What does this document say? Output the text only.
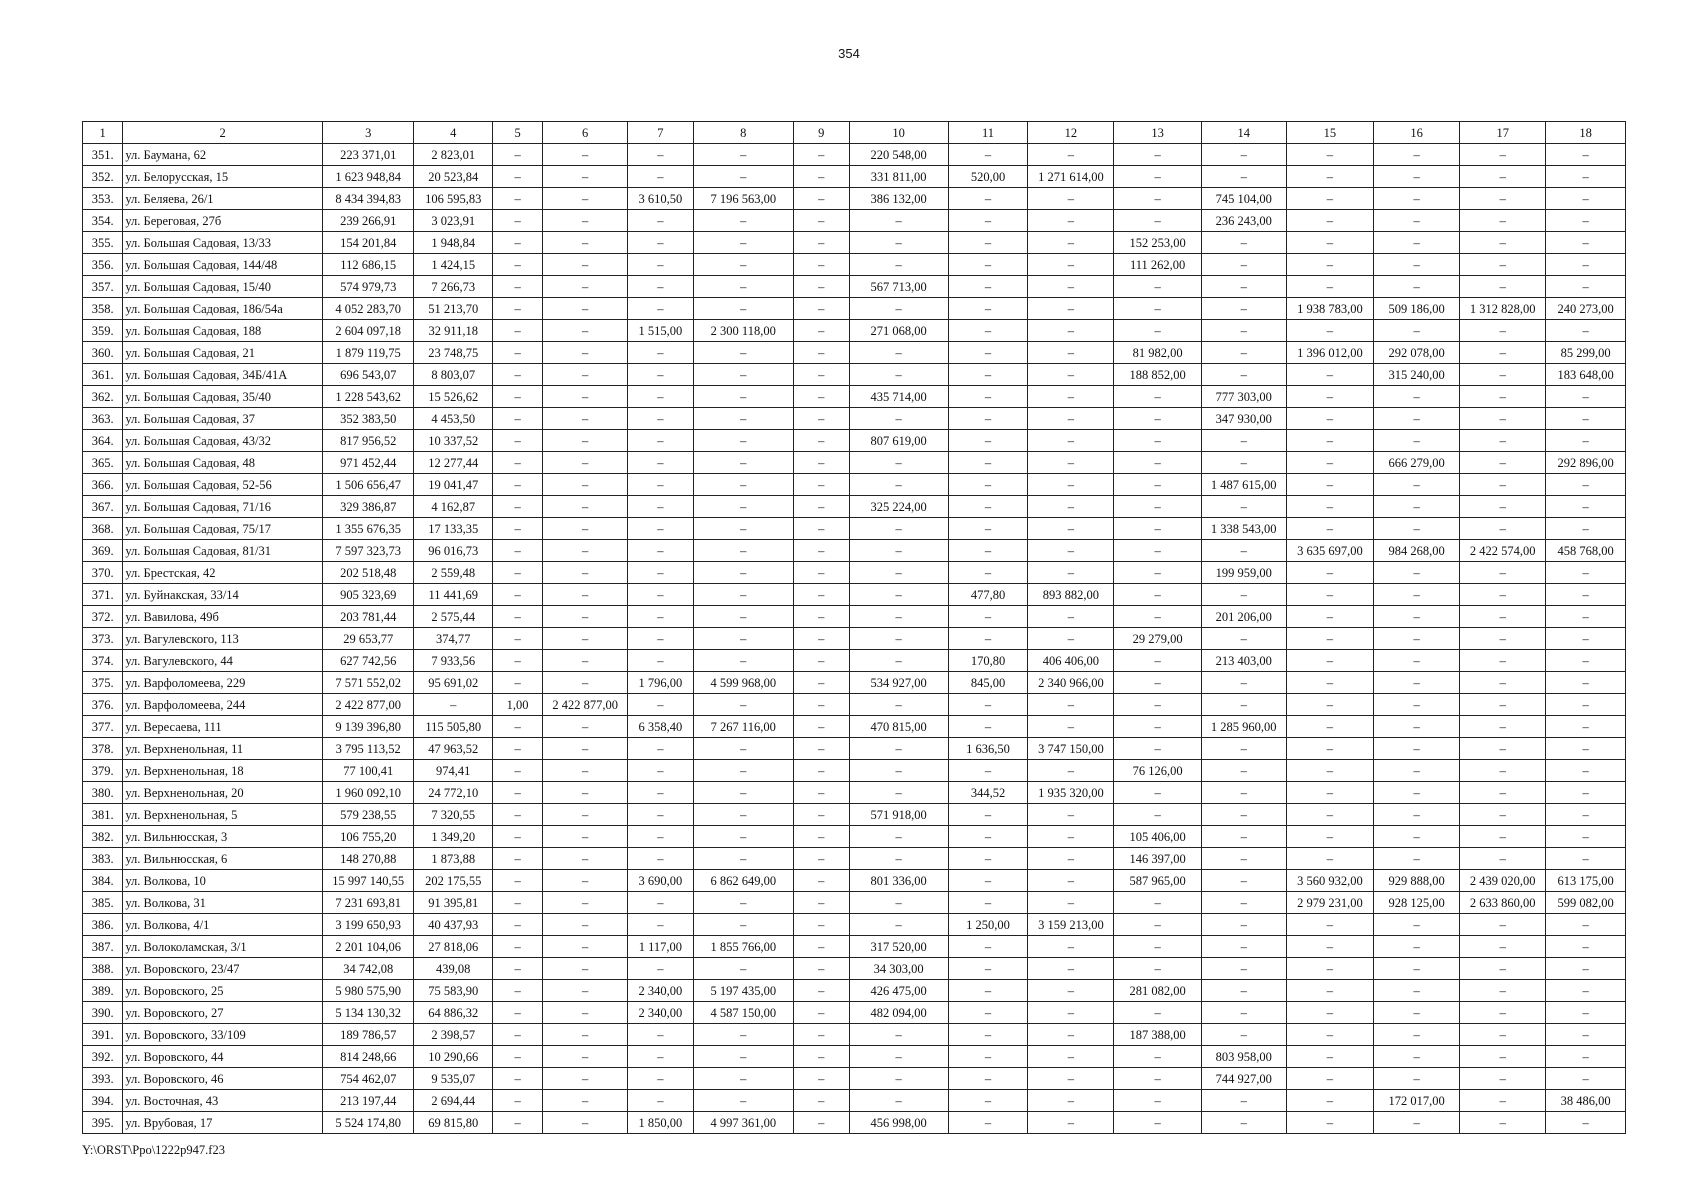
354
1	2	3	4	5	6	7	8	9	10	11	12	13	14	15	16	17	18
351.	ул. Баумана, 62	223 371,01	2 823,01	–	–	–	–	–	220 548,00	–	–	–	–	–	–	–	–
352.	ул. Белорусская, 15	1 623 948,84	20 523,84	–	–	–	–	–	331 811,00	520,00	1 271 614,00	–	–	–	–	–	–
353.	ул. Беляева, 26/1	8 434 394,83	106 595,83	–	–	3 610,50	7 196 563,00	–	386 132,00	–	–	–	745 104,00	–	–	–	–
354.	ул. Береговая, 27б	239 266,91	3 023,91	–	–	–	–	–	–	–	–	–	236 243,00	–	–	–	–
355.	ул. Большая Садовая, 13/33	154 201,84	1 948,84	–	–	–	–	–	–	–	–	152 253,00	–	–	–	–	–
356.	ул. Большая Садовая, 144/48	112 686,15	1 424,15	–	–	–	–	–	–	–	–	111 262,00	–	–	–	–	–
357.	ул. Большая Садовая, 15/40	574 979,73	7 266,73	–	–	–	–	–	567 713,00	–	–	–	–	–	–	–	–
358.	ул. Большая Садовая, 186/54а	4 052 283,70	51 213,70	–	–	–	–	–	–	–	–	–	–	1 938 783,00	509 186,00	1 312 828,00	240 273,00
359.	ул. Большая Садовая, 188	2 604 097,18	32 911,18	–	–	1 515,00	2 300 118,00	–	271 068,00	–	–	–	–	–	–	–	–
360.	ул. Большая Садовая, 21	1 879 119,75	23 748,75	–	–	–	–	–	–	–	–	81 982,00	–	1 396 012,00	292 078,00	–	85 299,00
361.	ул. Большая Садовая, 34Б/41А	696 543,07	8 803,07	–	–	–	–	–	–	–	–	188 852,00	–	–	315 240,00	–	183 648,00
362.	ул. Большая Садовая, 35/40	1 228 543,62	15 526,62	–	–	–	–	–	435 714,00	–	–	–	777 303,00	–	–	–	–
363.	ул. Большая Садовая, 37	352 383,50	4 453,50	–	–	–	–	–	–	–	–	–	347 930,00	–	–	–	–
364.	ул. Большая Садовая, 43/32	817 956,52	10 337,52	–	–	–	–	–	807 619,00	–	–	–	–	–	–	–	–
365.	ул. Большая Садовая, 48	971 452,44	12 277,44	–	–	–	–	–	–	–	–	–	–	–	666 279,00	–	292 896,00
366.	ул. Большая Садовая, 52-56	1 506 656,47	19 041,47	–	–	–	–	–	–	–	–	–	1 487 615,00	–	–	–	–
367.	ул. Большая Садовая, 71/16	329 386,87	4 162,87	–	–	–	–	–	325 224,00	–	–	–	–	–	–	–	–
368.	ул. Большая Садовая, 75/17	1 355 676,35	17 133,35	–	–	–	–	–	–	–	–	–	1 338 543,00	–	–	–	–
369.	ул. Большая Садовая, 81/31	7 597 323,73	96 016,73	–	–	–	–	–	–	–	–	–	–	3 635 697,00	984 268,00	2 422 574,00	458 768,00
370.	ул. Брестская, 42	202 518,48	2 559,48	–	–	–	–	–	–	–	–	–	199 959,00	–	–	–	–
371.	ул. Буйнакская, 33/14	905 323,69	11 441,69	–	–	–	–	–	–	477,80	893 882,00	–	–	–	–	–	–
372.	ул. Вавилова, 49б	203 781,44	2 575,44	–	–	–	–	–	–	–	–	–	201 206,00	–	–	–	–
373.	ул. Вагулевского, 113	29 653,77	374,77	–	–	–	–	–	–	–	–	29 279,00	–	–	–	–	–
374.	ул. Вагулевского, 44	627 742,56	7 933,56	–	–	–	–	–	–	170,80	406 406,00	–	213 403,00	–	–	–	–
375.	ул. Варфоломеева, 229	7 571 552,02	95 691,02	–	–	1 796,00	4 599 968,00	–	534 927,00	845,00	2 340 966,00	–	–	–	–	–	–
376.	ул. Варфоломеева, 244	2 422 877,00	–	1,00	2 422 877,00	–	–	–	–	–	–	–	–	–	–	–	–
377.	ул. Вересаева, 111	9 139 396,80	115 505,80	–	–	6 358,40	7 267 116,00	–	470 815,00	–	–	–	1 285 960,00	–	–	–	–
378.	ул. Верхненольная, 11	3 795 113,52	47 963,52	–	–	–	–	–	–	1 636,50	3 747 150,00	–	–	–	–	–	–
379.	ул. Верхненольная, 18	77 100,41	974,41	–	–	–	–	–	–	–	–	76 126,00	–	–	–	–	–
380.	ул. Верхненольная, 20	1 960 092,10	24 772,10	–	–	–	–	–	–	344,52	1 935 320,00	–	–	–	–	–	–
381.	ул. Верхненольная, 5	579 238,55	7 320,55	–	–	–	–	–	571 918,00	–	–	–	–	–	–	–	–
382.	ул. Вильнюсская, 3	106 755,20	1 349,20	–	–	–	–	–	–	–	–	105 406,00	–	–	–	–	–
383.	ул. Вильнюсская, 6	148 270,88	1 873,88	–	–	–	–	–	–	–	–	146 397,00	–	–	–	–	–
384.	ул. Волкова, 10	15 997 140,55	202 175,55	–	–	3 690,00	6 862 649,00	–	801 336,00	–	–	587 965,00	–	3 560 932,00	929 888,00	2 439 020,00	613 175,00
385.	ул. Волкова, 31	7 231 693,81	91 395,81	–	–	–	–	–	–	–	–	–	–	2 979 231,00	928 125,00	2 633 860,00	599 082,00
386.	ул. Волкова, 4/1	3 199 650,93	40 437,93	–	–	–	–	–	–	1 250,00	3 159 213,00	–	–	–	–	–	–
387.	ул. Волоколамская, 3/1	2 201 104,06	27 818,06	–	–	1 117,00	1 855 766,00	–	317 520,00	–	–	–	–	–	–	–	–
388.	ул. Воровского, 23/47	34 742,08	439,08	–	–	–	–	–	34 303,00	–	–	–	–	–	–	–	–
389.	ул. Воровского, 25	5 980 575,90	75 583,90	–	–	2 340,00	5 197 435,00	–	426 475,00	–	–	281 082,00	–	–	–	–	–
390.	ул. Воровского, 27	5 134 130,32	64 886,32	–	–	2 340,00	4 587 150,00	–	482 094,00	–	–	–	–	–	–	–	–
391.	ул. Воровского, 33/109	189 786,57	2 398,57	–	–	–	–	–	–	–	–	187 388,00	–	–	–	–	–
392.	ул. Воровского, 44	814 248,66	10 290,66	–	–	–	–	–	–	–	–	–	803 958,00	–	–	–	–
393.	ул. Воровского, 46	754 462,07	9 535,07	–	–	–	–	–	–	–	–	–	744 927,00	–	–	–	–
394.	ул. Восточная, 43	213 197,44	2 694,44	–	–	–	–	–	–	–	–	–	–	–	172 017,00	–	38 486,00
395.	ул. Врубовая, 17	5 524 174,80	69 815,80	–	–	1 850,00	4 997 361,00	–	456 998,00	–	–	–	–	–	–	–	–
Y:\ORST\Ppo\1222p947.f23
